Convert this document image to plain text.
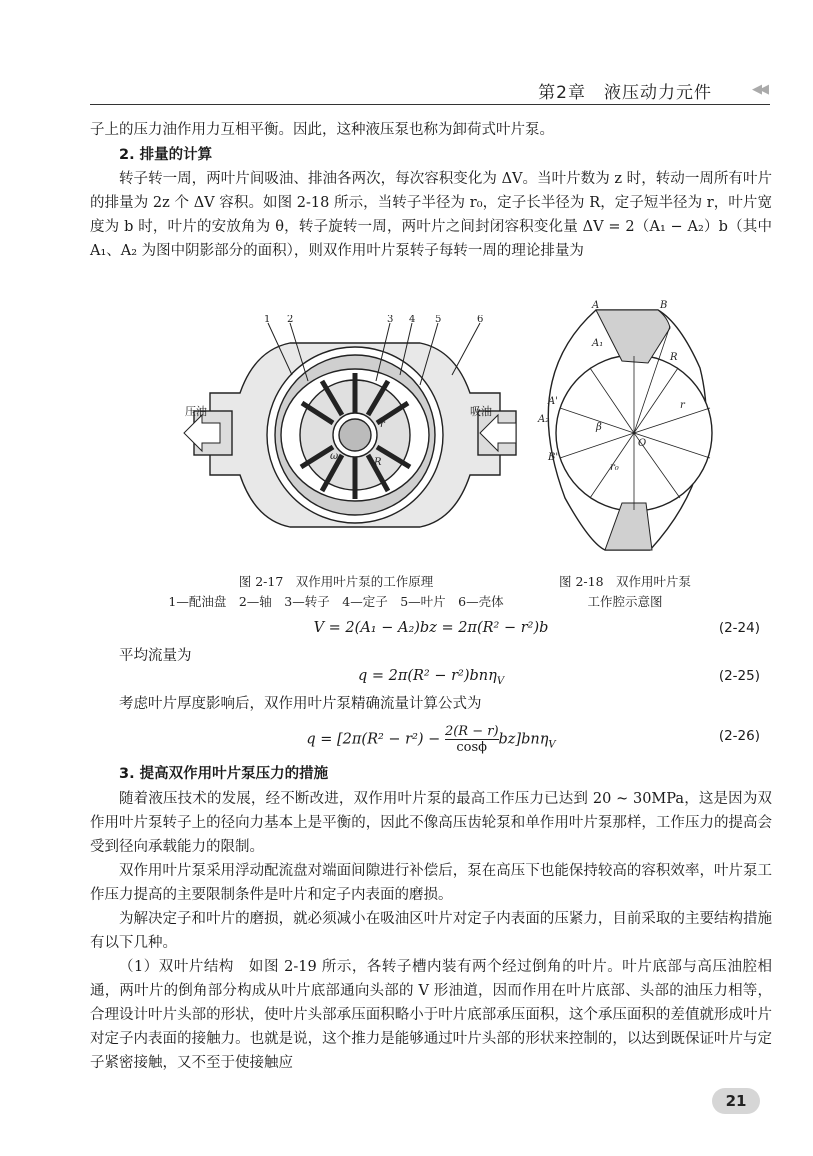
第2章　 液压动力元件	◀◀

子上的压力油作用力互相平衡。因此，这种液压泵也称为卸荷式叶片泵。

2. 排量的计算

转子转一周，两叶片间吸油、排油各两次，每次容积变化为 ΔV。当叶片数为 z 时，转动一周所有叶片的排量为 2z 个 ΔV 容积。如图 2-18 所示，当转子半径为 r₀，定子长半径为 R，定子短半径为 r，叶片宽度为 b 时，叶片的安放角为 θ，转子旋转一周，两叶片之间封闭容积变化量 ΔV = 2（A₁ − A₂）b（其中 A₁、A₂ 为图中阴影部分的面积），则双作用叶片泵转子每转一周的理论排量为

1 2	3 4 5	6
压油	吸油
r
R
ω
A	B
A₁
A'
A₂
B'
O
R
r
r₀
β
图 2-17　双作用叶片泵的工作原理
1—配油盘　2—轴　3—转子　4—定子　5—叶片　6—壳体
图 2-18　双作用叶片泵
工作腔示意图
V = 2(A₁ − A₂)bz = 2π(R² − r²)b	(2-24)

平均流量为

q = 2π(R² − r²)bnη$_V$	(2-25)

考虑叶片厚度影响后，双作用叶片泵精确流量计算公式为

$q = [2\pi(R^2 - r^2) - \frac{2(R - r)}{\cos\phi} bz]bn\eta_V$
(2-26)

3. 提高双作用叶片泵压力的措施

随着液压技术的发展，经不断改进，双作用叶片泵的最高工作压力已达到 20 ~ 30MPa，这是因为双作用叶片泵转子上的径向力基本上是平衡的，因此不像高压齿轮泵和单作用叶片泵那样，工作压力的提高会受到径向承载能力的限制。

双作用叶片泵采用浮动配流盘对端面间隙进行补偿后，泵在高压下也能保持较高的容积效率，叶片泵工作压力提高的主要限制条件是叶片和定子内表面的磨损。

为解决定子和叶片的磨损，就必须减小在吸油区叶片对定子内表面的压紧力，目前采取的主要结构措施有以下几种。

（1）双叶片结构　如图 2-19 所示，各转子槽内装有两个经过倒角的叶片。叶片底部与高压油腔相通，两叶片的倒角部分构成从叶片底部通向头部的 V 形油道，因而作用在叶片底部、头部的油压力相等，合理设计叶片头部的形状，使叶片头部承压面积略小于叶片底部承压面积，这个承压面积的差值就形成叶片对定子内表面的接触力。也就是说，这个推力是能够通过叶片头部的形状来控制的，以达到既保证叶片与定子紧密接触，又不至于使接触应

21
